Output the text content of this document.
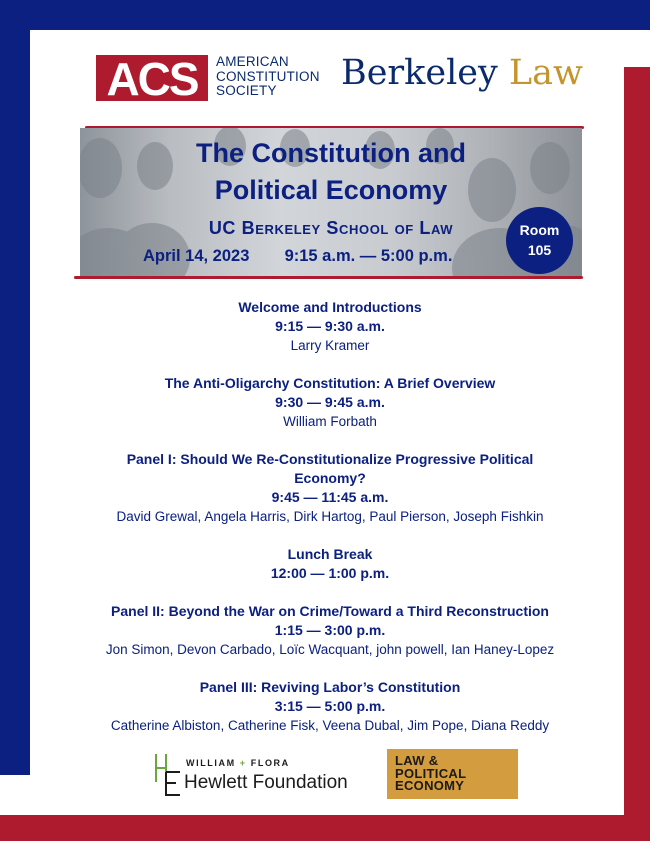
ACS AMERICAN
CONSTITUTION
SOCIETY	Berkeley Law
The Constitution and
Political Economy
UC Berkeley School of Law
April 14, 2023 9:15 a.m. — 5:00 p.m.
Room
105
Welcome and Introductions
9:15 — 9:30 a.m.
Larry Kramer
The Anti-Oligarchy Constitution: A Brief Overview
9:30 — 9:45 a.m.
William Forbath
Panel I: Should We Re-Constitutionalize Progressive Political Economy?
9:45 — 11:45 a.m.
David Grewal, Angela Harris, Dirk Hartog, Paul Pierson, Joseph Fishkin
Lunch Break
12:00 — 1:00 p.m.
Panel II: Beyond the War on Crime/Toward a Third Reconstruction
1:15 — 3:00 p.m.
Jon Simon, Devon Carbado, Loïc Wacquant, john powell, Ian Haney-Lopez
Panel III: Reviving Labor’s Constitution
3:15 — 5:00 p.m.
Catherine Albiston, Catherine Fisk, Veena Dubal, Jim Pope, Diana Reddy
WILLIAM + FLORA
Hewlett Foundation
LAW &
POLITICAL
ECONOMY
